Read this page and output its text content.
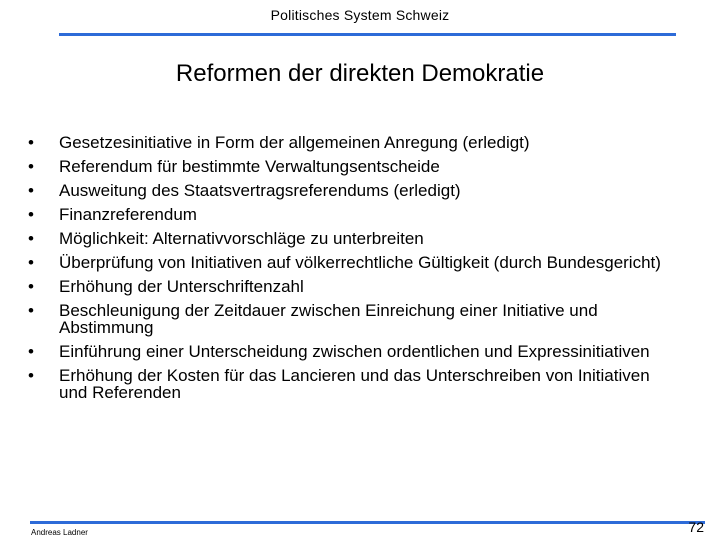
Politisches System Schweiz
Reformen der direkten Demokratie
• Gesetzesinitiative in Form der allgemeinen Anregung (erledigt)
• Referendum für bestimmte Verwaltungsentscheide
• Ausweitung des Staatsvertragsreferendums (erledigt)
• Finanzreferendum
• Möglichkeit: Alternativvorschläge zu unterbreiten
• Überprüfung von Initiativen auf völkerrechtliche Gültigkeit (durch Bundesgericht)
• Erhöhung der Unterschriftenzahl
• Beschleunigung der Zeitdauer zwischen Einreichung einer Initiative und Abstimmung
• Einführung einer Unterscheidung zwischen ordentlichen und Expressinitiativen
• Erhöhung der Kosten für das Lancieren und das Unterschreiben von Initiativen und Referenden
Andreas Ladner	72
